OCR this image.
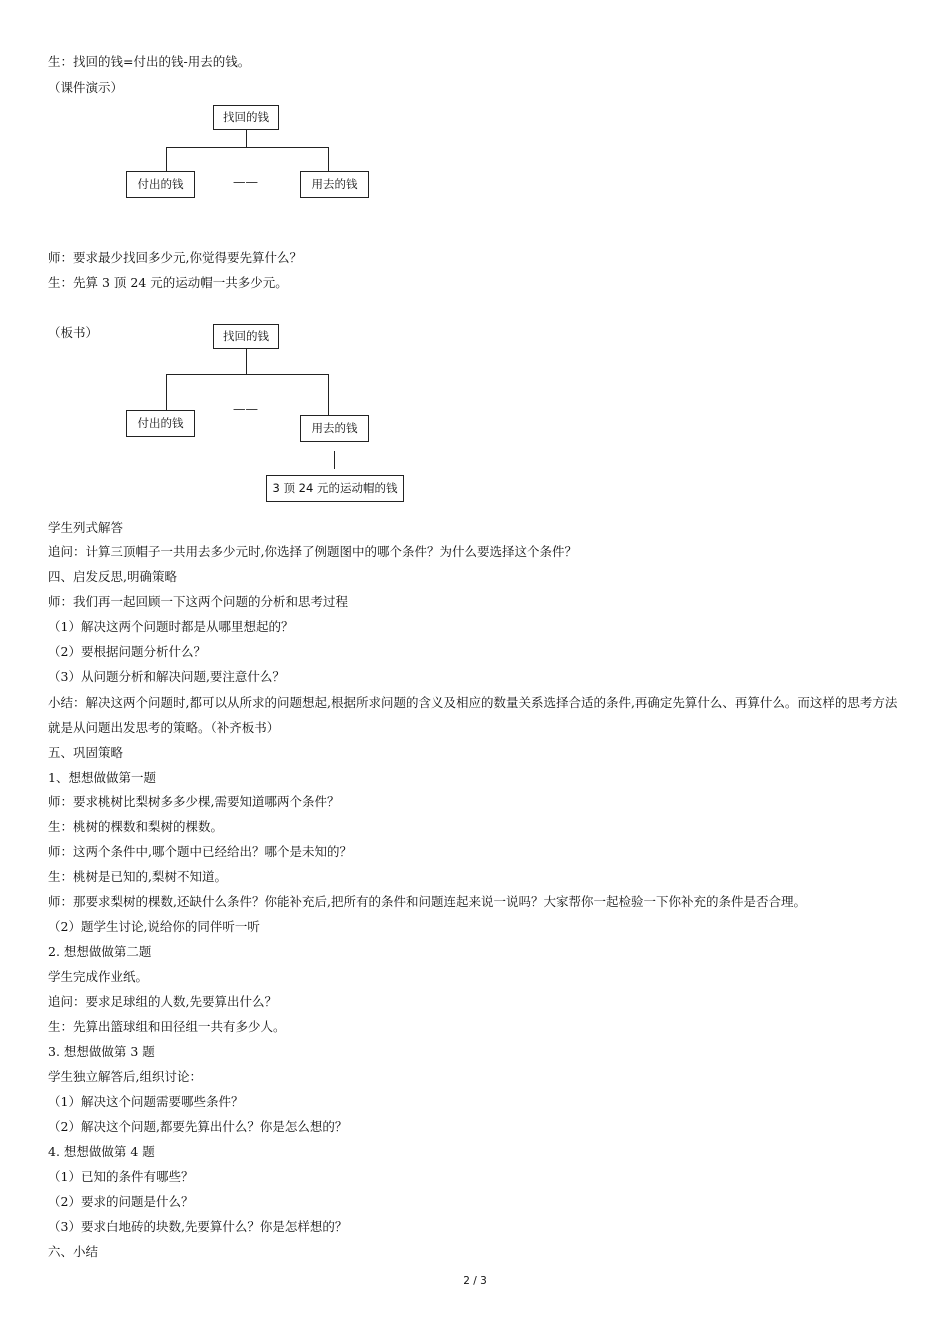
生：找回的钱=付出的钱-用去的钱。
（课件演示）
找回的钱
付出的钱	——	用去的钱
师：要求最少找回多少元,你觉得要先算什么？
生：先算 3 顶 24 元的运动帽一共多少元。
（板书）	找回的钱
付出的钱
——
用去的钱
3 顶 24 元的运动帽的钱
学生列式解答
追问：计算三顶帽子一共用去多少元时,你选择了例题图中的哪个条件？为什么要选择这个条件？
四、启发反思,明确策略
师：我们再一起回顾一下这两个问题的分析和思考过程
（1）解决这两个问题时都是从哪里想起的？
（2）要根据问题分析什么？
（3）从问题分析和解决问题,要注意什么？
小结：解决这两个问题时,都可以从所求的问题想起,根据所求问题的含义及相应的数量关系选择合适的条件,再确定先算什么、再算什么。而这样的思考方法就是从问题出发思考的策略。（补齐板书）
五、巩固策略
1、想想做做第一题
师：要求桃树比梨树多多少棵,需要知道哪两个条件？
生：桃树的棵数和梨树的棵数。
师：这两个条件中,哪个题中已经给出？哪个是未知的？
生：桃树是已知的,梨树不知道。
师：那要求梨树的棵数,还缺什么条件？你能补充后,把所有的条件和问题连起来说一说吗？大家帮你一起检验一下你补充的条件是否合理。
（2）题学生讨论,说给你的同伴听一听
2. 想想做做第二题
学生完成作业纸。
追问：要求足球组的人数,先要算出什么？
生：先算出篮球组和田径组一共有多少人。
3. 想想做做第 3 题
学生独立解答后,组织讨论：
（1）解决这个问题需要哪些条件？
（2）解决这个问题,都要先算出什么？你是怎么想的？
4. 想想做做第 4 题
（1）已知的条件有哪些？
（2）要求的问题是什么？
（3）要求白地砖的块数,先要算什么？你是怎样想的？
六、小结
2 / 3
